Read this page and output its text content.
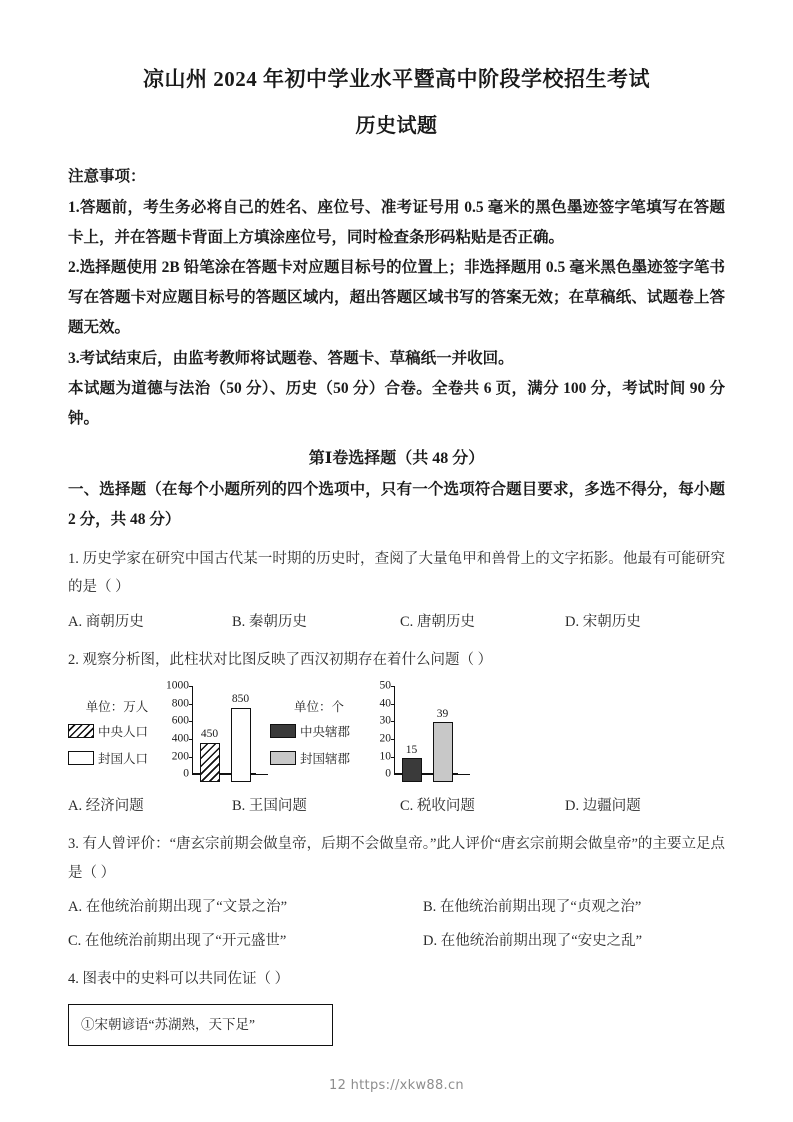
凉山州 2024 年初中学业水平暨高中阶段学校招生考试
历史试题
注意事项：
1.答题前，考生务必将自己的姓名、座位号、准考证号用 0.5 毫米的黑色墨迹签字笔填写在答题卡上，并在答题卡背面上方填涂座位号，同时检查条形码粘贴是否正确。
2.选择题使用 2B 铅笔涂在答题卡对应题目标号的位置上；非选择题用 0.5 毫米黑色墨迹签字笔书写在答题卡对应题目标号的答题区域内，超出答题区域书写的答案无效；在草稿纸、试题卷上答题无效。
3.考试结束后，由监考教师将试题卷、答题卡、草稿纸一并收回。
本试题为道德与法治（50 分）、历史（50 分）合卷。全卷共 6 页，满分 100 分，考试时间 90 分钟。
第Ⅰ卷选择题（共 48 分）
一、选择题（在每个小题所列的四个选项中，只有一个选项符合题目要求，多选不得分，每小题 2 分，共 48 分）
1. 历史学家在研究中国古代某一时期的历史时，查阅了大量龟甲和兽骨上的文字拓影。他最有可能研究的是（ ）
A. 商朝历史	B. 秦朝历史	C. 唐朝历史	D. 宋朝历史
2. 观察分析图，此柱状对比图反映了西汉初期存在着什么问题（ ）
单位：万人
中央人口
封国人口
0
200
400
600
800
1000
450
850
单位：个
中央辖郡
封国辖郡
0
10
20
30
40
50
15
39
A. 经济问题	B. 王国问题	C. 税收问题	D. 边疆问题
3. 有人曾评价：“唐玄宗前期会做皇帝，后期不会做皇帝。”此人评价“唐玄宗前期会做皇帝”的主要立足点是（ ）
A. 在他统治前期出现了“文景之治”	B. 在他统治前期出现了“贞观之治”
C. 在他统治前期出现了“开元盛世”	D. 在他统治前期出现了“安史之乱”
4. 图表中的史料可以共同佐证（ ）
①宋朝谚语“苏湖熟，天下足”
12 https://xkw88.cn
